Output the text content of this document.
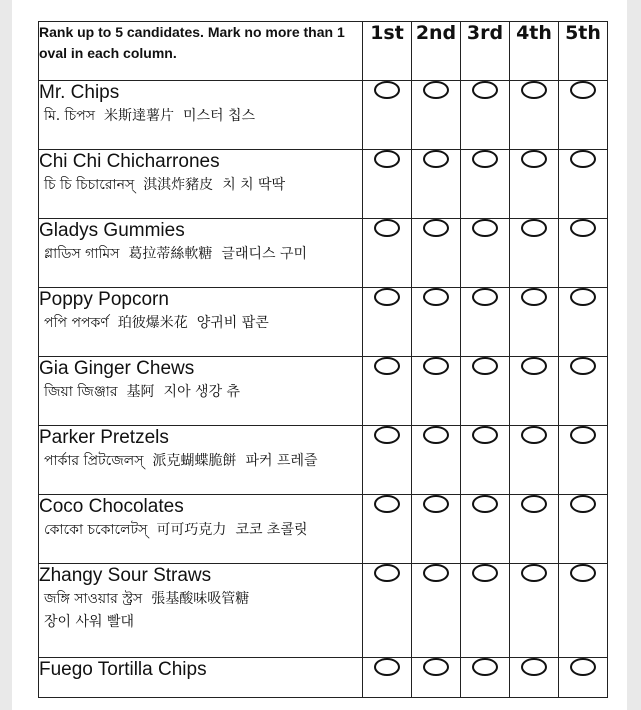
Rank up to 5 candidates. Mark no more than 1 oval in each column.	1st	2nd	3rd	4th	5th

Mr. Chips
মি. চিপস 米斯達薯片 미스터 칩스					

Chi Chi Chicharrones
চি চি চিচারোনস্ 淇淇炸豬皮 치 치 딱딱					

Gladys Gummies
গ্লাডিস গামিস 葛拉蒂絲軟糖 글래디스 구미					

Poppy Popcorn
পপি পপকর্ণ 珀彼爆米花 양귀비 팝콘					

Gia Ginger Chews
জিয়া জিঞ্জার 基阿 지아 생강 츄					

Parker Pretzels
পার্কার প্রিটজেলস্ 派克蝴蝶脆餅 파커 프레즐					

Coco Chocolates
কোকো চকোলেটস্ 可可巧克力 코코 초콜릿					

Zhangy Sour Straws
জঙ্গি সাওয়ার স্ট্রস 張基酸味吸管糖
장이 사워 빨대					

Fuego Tortilla Chips					
